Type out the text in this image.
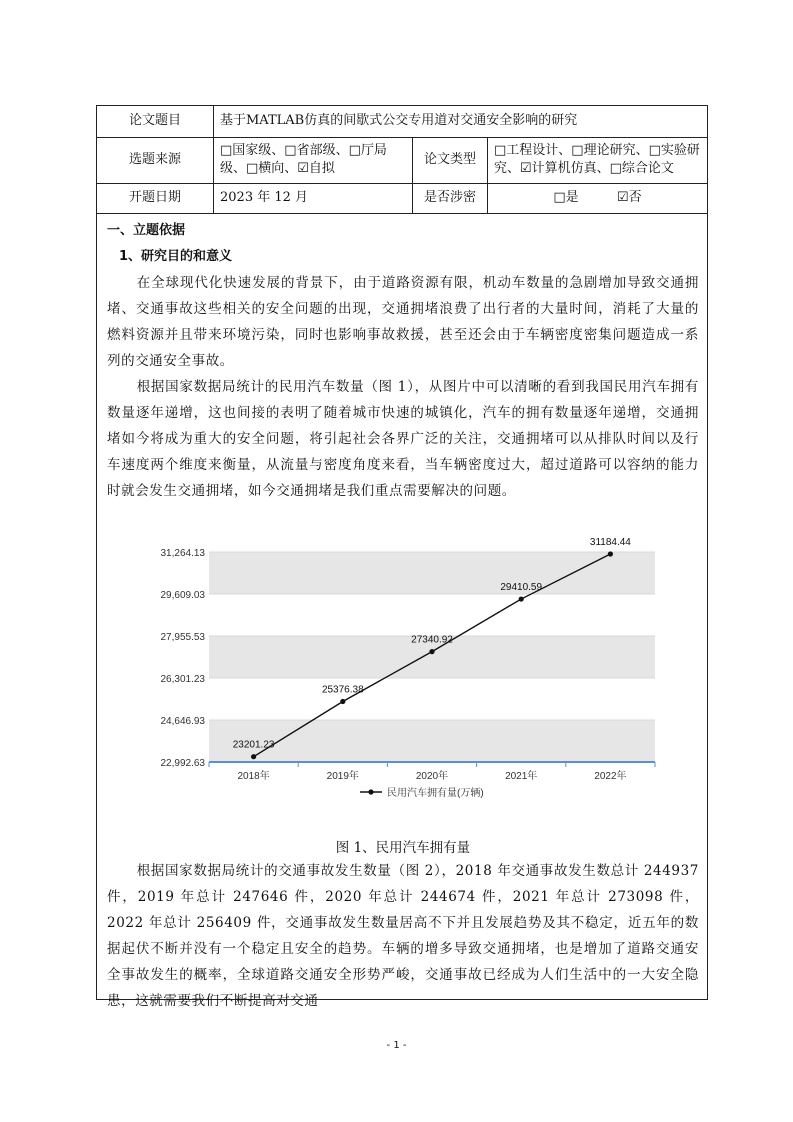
论文题目	基于MATLAB仿真的间歇式公交专用道对交通安全影响的研究		
选题来源	□国家级、□省部级、□厅局级、□横向、☑自拟	论文类型	□工程设计、□理论研究、□实验研究、☑计算机仿真、□综合论文
开题日期	2023 年 12 月	是否涉密	□是 ☑否
一、立题依据
1、研究目的和意义

在全球现代化快速发展的背景下，由于道路资源有限，机动车数量的急剧增加导致交通拥堵、交通事故这些相关的安全问题的出现，交通拥堵浪费了出行者的大量时间，消耗了大量的燃料资源并且带来环境污染，同时也影响事故救援，甚至还会由于车辆密度密集问题造成一系列的交通安全事故。

根据国家数据局统计的民用汽车数量（图 1），从图片中可以清晰的看到我国民用汽车拥有数量逐年递增，这也间接的表明了随着城市快速的城镇化，汽车的拥有数量逐年递增，交通拥堵如今将成为重大的安全问题，将引起社会各界广泛的关注，交通拥堵可以从排队时间以及行车速度两个维度来衡量，从流量与密度角度来看，当车辆密度过大，超过道路可以容纳的能力时就会发生交通拥堵，如今交通拥堵是我们重点需要解决的问题。

31,264.13
29,609.03
27,955.53
26,301.23
24,646.93
22,992.63
2018年	2019年	2020年	2021年	2022年
23201.23
25376.38
27340.92
29410.59
31184.44
民用汽车拥有量(万辆)
图 1、民用汽车拥有量

根据国家数据局统计的交通事故发生数量（图 2），2018 年交通事故发生数总计 244937 件，2019 年总计 247646 件，2020 年总计 244674 件，2021 年总计 273098 件，2022 年总计 256409 件，交通事故发生数量居高不下并且发展趋势及其不稳定，近五年的数据起伏不断并没有一个稳定且安全的趋势。车辆的增多导致交通拥堵，也是增加了道路交通安全事故发生的概率，全球道路交通安全形势严峻，交通事故已经成为人们生活中的一大安全隐患，这就需要我们不断提高对交通

- 1 -
